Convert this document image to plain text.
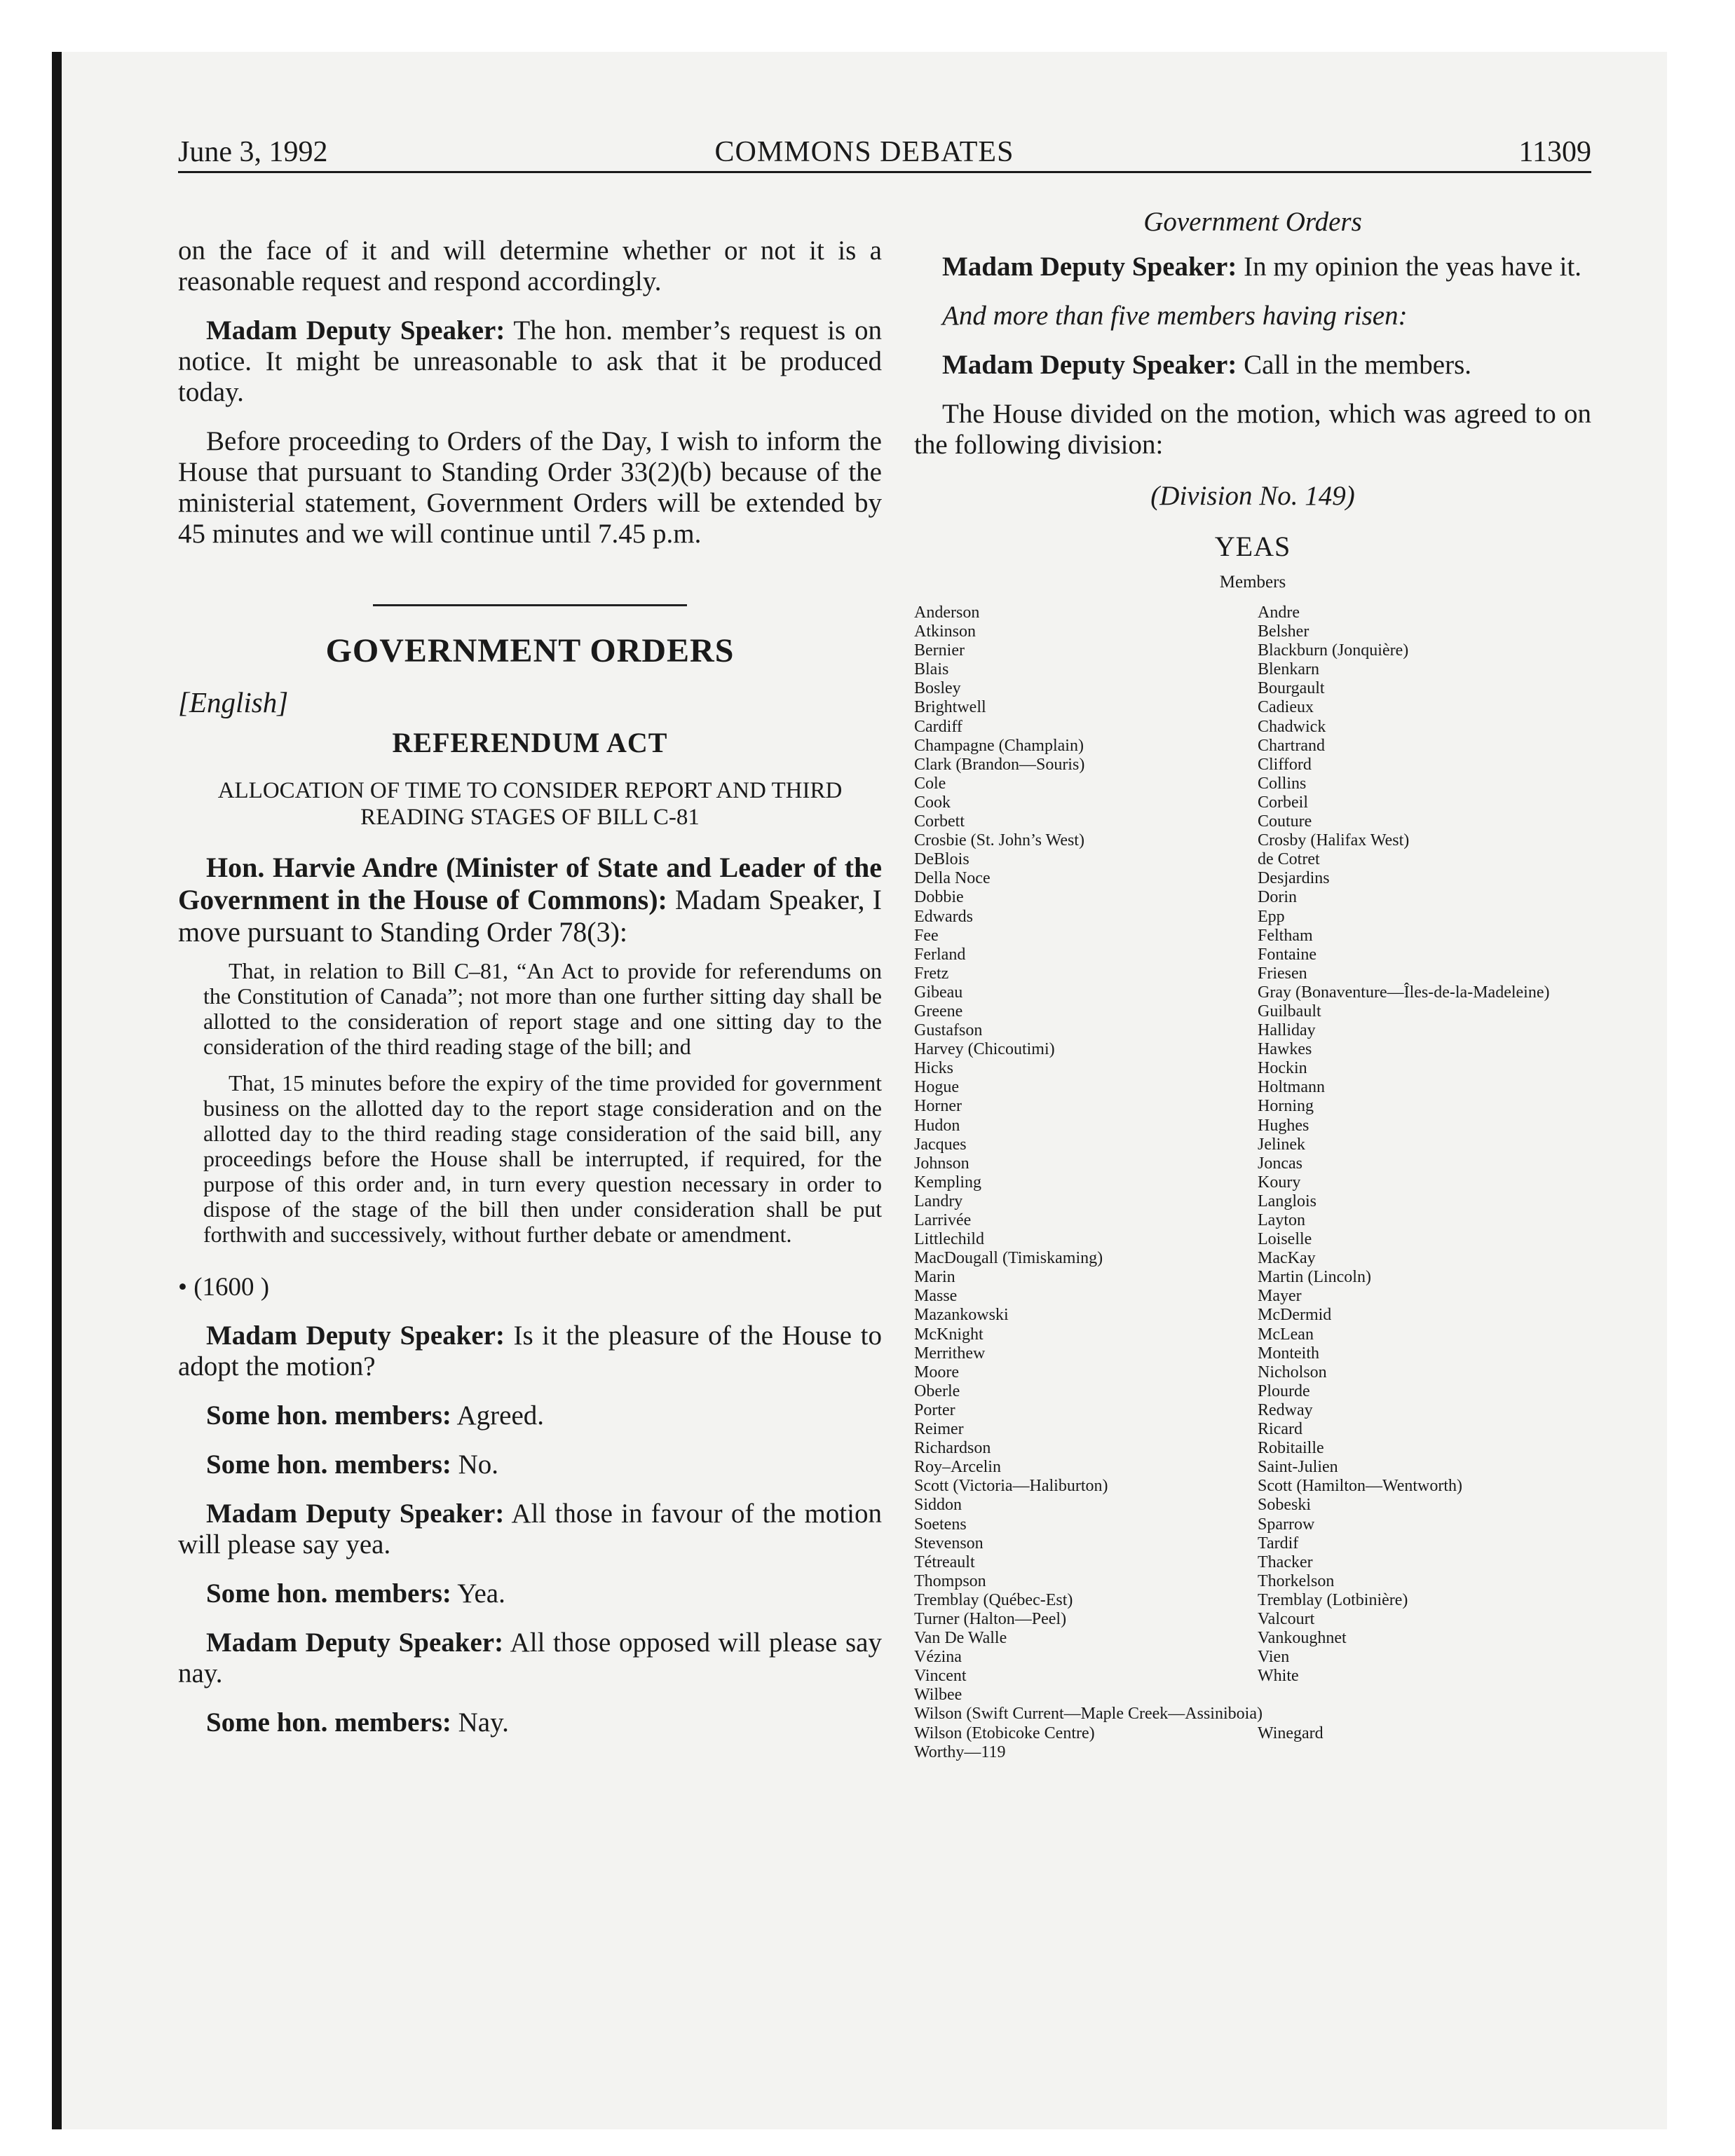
June 3, 1992	COMMONS DEBATES	11309

on the face of it and will determine whether or not it is a reasonable request and respond accordingly.

Madam Deputy Speaker: The hon. member’s request is on notice. It might be unreasonable to ask that it be produced today.

Before proceeding to Orders of the Day, I wish to inform the House that pursuant to Standing Order 33(2)(b) because of the ministerial statement, Government Orders will be extended by 45 minutes and we will continue until 7.45 p.m.

GOVERNMENT ORDERS
[English]
REFERENDUM ACT
ALLOCATION OF TIME TO CONSIDER REPORT AND THIRD READING STAGES OF BILL C-81

Hon. Harvie Andre (Minister of State and Leader of the Government in the House of Commons): Madam Speaker, I move pursuant to Standing Order 78(3):

That, in relation to Bill C–81, “An Act to provide for referendums on the Constitution of Canada”; not more than one further sitting day shall be allotted to the consideration of report stage and one sitting day to the consideration of the third reading stage of the bill; and

That, 15 minutes before the expiry of the time provided for government business on the allotted day to the report stage consideration and on the allotted day to the third reading stage consideration of the said bill, any proceedings before the House shall be interrupted, if required, for the purpose of this order and, in turn every question necessary in order to dispose of the stage of the bill then under consideration shall be put forthwith and successively, without further debate or amendment.

• (1600 )

Madam Deputy Speaker: Is it the pleasure of the House to adopt the motion?

Some hon. members: Agreed.

Some hon. members: No.

Madam Deputy Speaker: All those in favour of the motion will please say yea.

Some hon. members: Yea.

Madam Deputy Speaker: All those opposed will please say nay.

Some hon. members: Nay.

Government Orders

Madam Deputy Speaker: In my opinion the yeas have it.

And more than five members having risen:

Madam Deputy Speaker: Call in the members.

The House divided on the motion, which was agreed to on the following division:

(Division No. 149)
YEAS
Members
Anderson
Atkinson
Bernier
Blais
Bosley
Brightwell
Cardiff
Champagne (Champlain)
Clark (Brandon—Souris)
Cole
Cook
Corbett
Crosbie (St. John’s West)
DeBlois
Della Noce
Dobbie
Edwards
Fee
Ferland
Fretz
Gibeau
Greene
Gustafson
Harvey (Chicoutimi)
Hicks
Hogue
Horner
Hudon
Jacques
Johnson
Kempling
Landry
Larrivée
Littlechild
MacDougall (Timiskaming)
Marin
Masse
Mazankowski
McKnight
Merrithew
Moore
Oberle
Porter
Reimer
Richardson
Roy–Arcelin
Scott (Victoria—Haliburton)
Siddon
Soetens
Stevenson
Tétreault
Thompson
Tremblay (Québec-Est)
Turner (Halton—Peel)
Van De Walle
Vézina
Vincent
Wilbee
Wilson (Swift Current—Maple Creek—Assiniboia)
Wilson (Etobicoke Centre)
Worthy—119
Andre
Belsher
Blackburn (Jonquière)
Blenkarn
Bourgault
Cadieux
Chadwick
Chartrand
Clifford
Collins
Corbeil
Couture
Crosby (Halifax West)
de Cotret
Desjardins
Dorin
Epp
Feltham
Fontaine
Friesen
Gray (Bonaventure—Îles-de-la-Madeleine)
Guilbault
Halliday
Hawkes
Hockin
Holtmann
Horning
Hughes
Jelinek
Joncas
Koury
Langlois
Layton
Loiselle
MacKay
Martin (Lincoln)
Mayer
McDermid
McLean
Monteith
Nicholson
Plourde
Redway
Ricard
Robitaille
Saint-Julien
Scott (Hamilton—Wentworth)
Sobeski
Sparrow
Tardif
Thacker
Thorkelson
Tremblay (Lotbinière)
Valcourt
Vankoughnet
Vien
White

Winegard
